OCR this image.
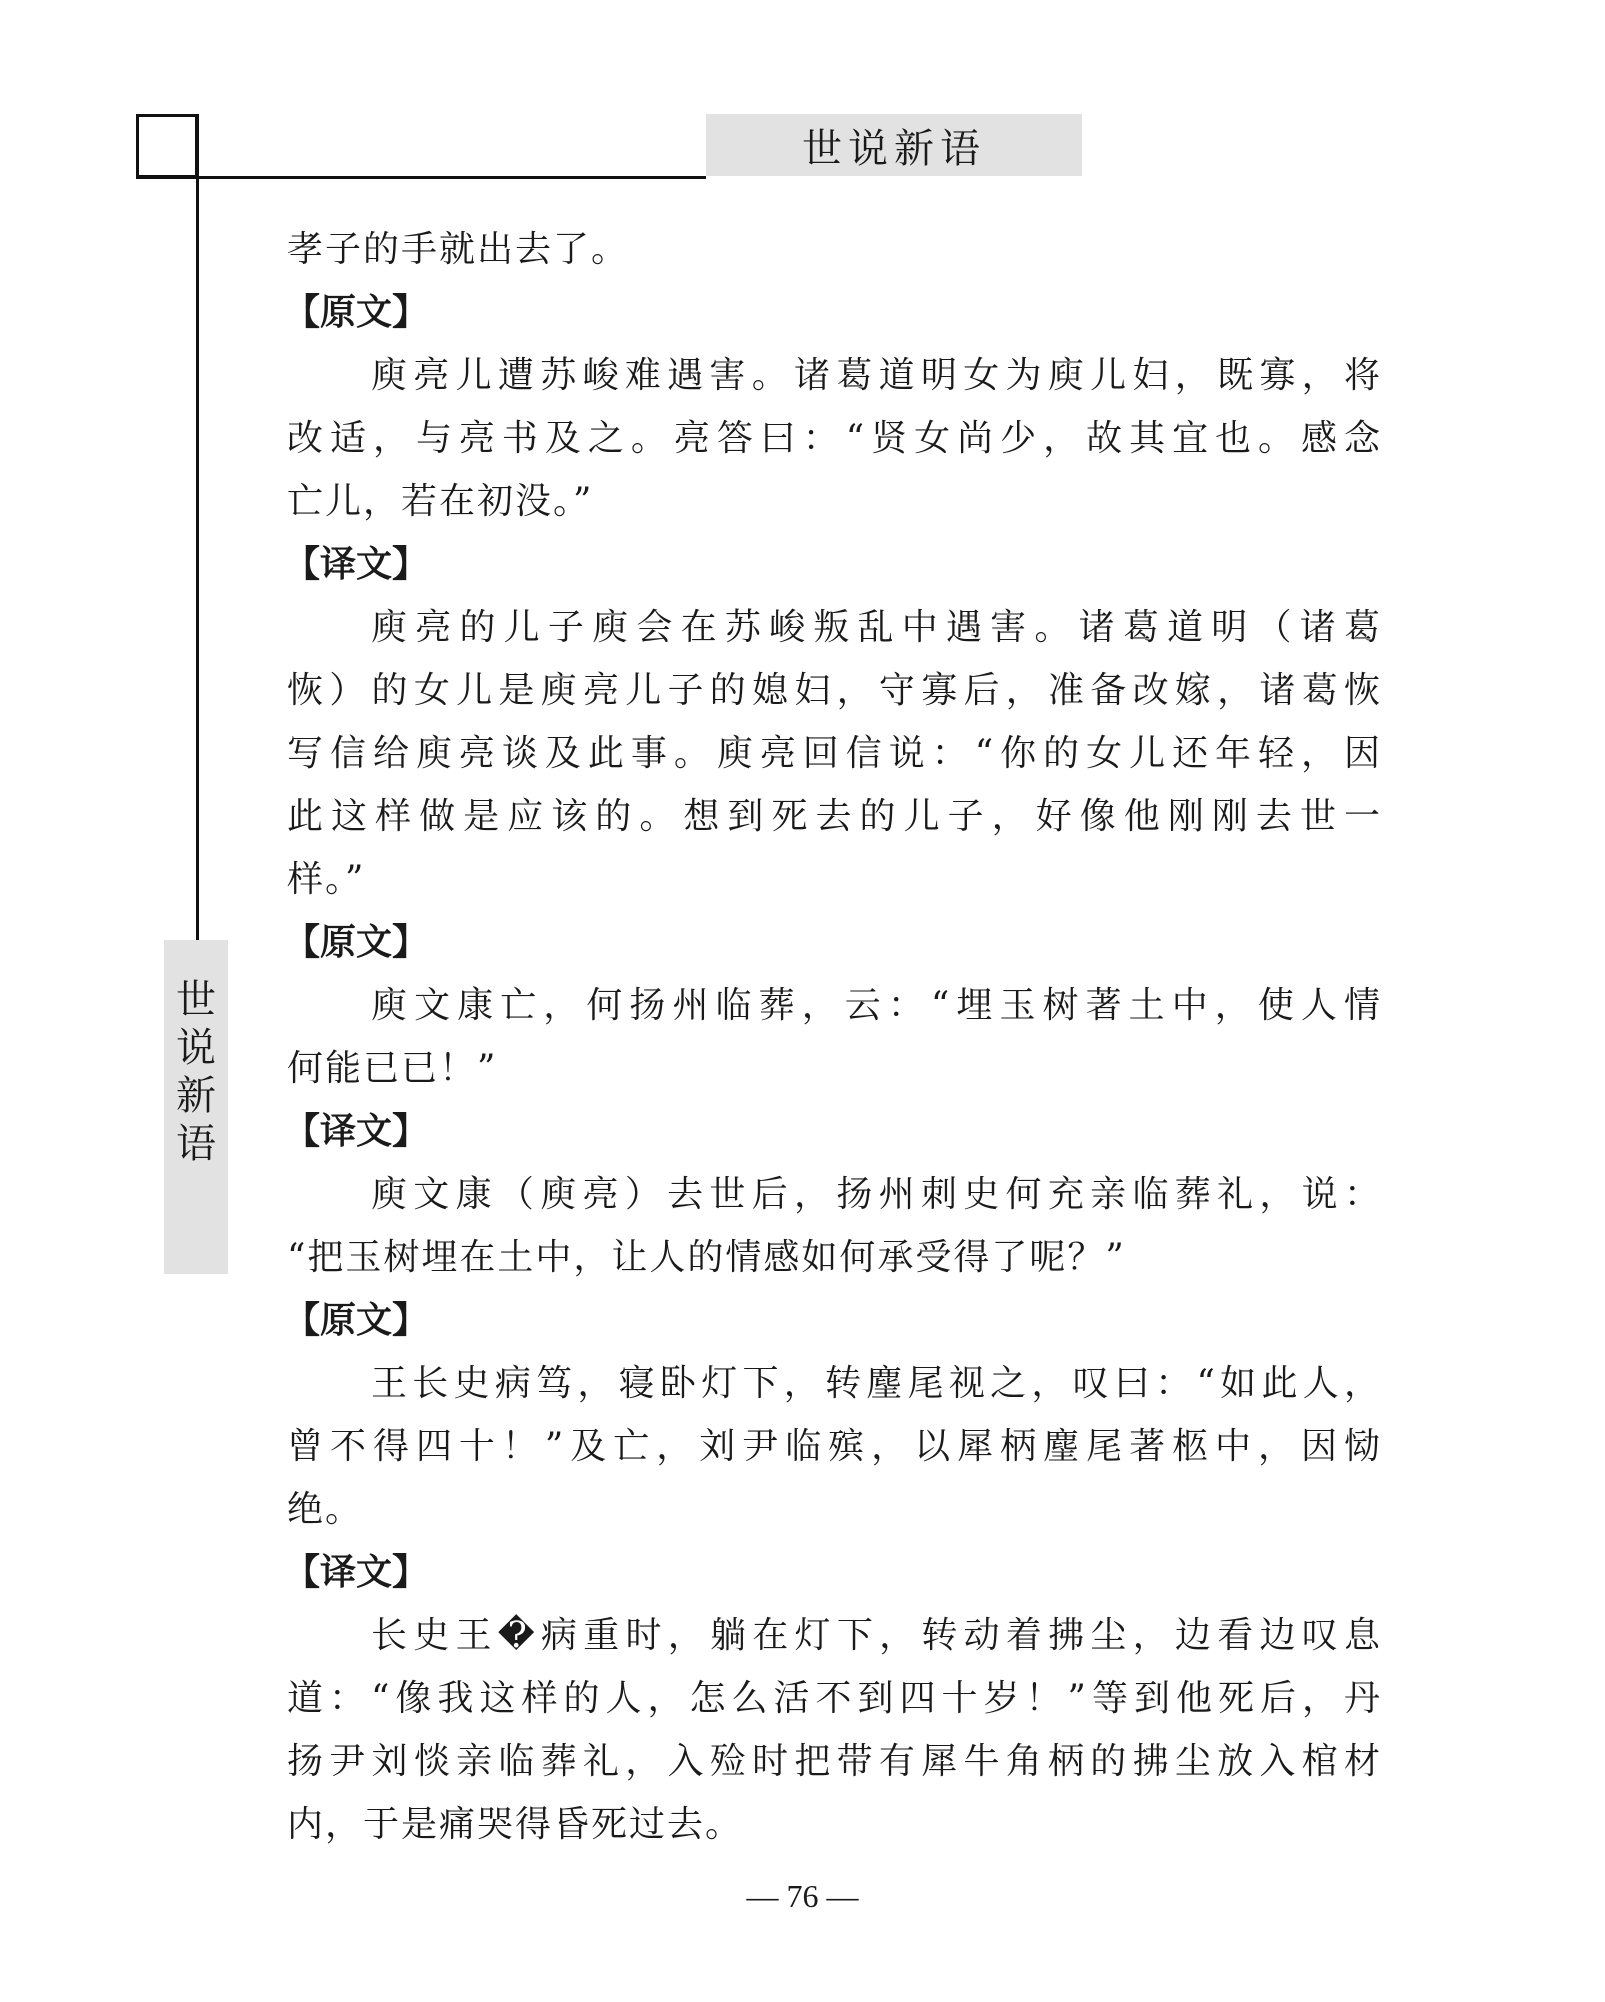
世说新语
世
说
新
语
孝子的手就出去了。
【原文】
庾亮儿遭苏峻难遇害。诸葛道明女为庾儿妇，既寡，将
改适，与亮书及之。亮答曰：“贤女尚少，故其宜也。感念
亡儿，若在初没。”
【译文】
庾亮的儿子庾会在苏峻叛乱中遇害。诸葛道明（诸葛
恢）的女儿是庾亮儿子的媳妇，守寡后，准备改嫁，诸葛恢
写信给庾亮谈及此事。庾亮回信说：“你的女儿还年轻，因
此这样做是应该的。想到死去的儿子，好像他刚刚去世一
样。”
【原文】
庾文康亡，何扬州临葬，云：“埋玉树著土中，使人情
何能已已！”
【译文】
庾文康（庾亮）去世后，扬州刺史何充亲临葬礼，说：
“把玉树埋在土中，让人的情感如何承受得了呢？”
【原文】
王长史病笃，寝卧灯下，转麈尾视之，叹曰：“如此人，
曾不得四十！”及亡，刘尹临殡，以犀柄麈尾著柩中，因恸
绝。
【译文】
长史王�病重时，躺在灯下，转动着拂尘，边看边叹息
道：“像我这样的人，怎么活不到四十岁！”等到他死后，丹
扬尹刘惔亲临葬礼，入殓时把带有犀牛角柄的拂尘放入棺材
内，于是痛哭得昏死过去。
— 76 —
